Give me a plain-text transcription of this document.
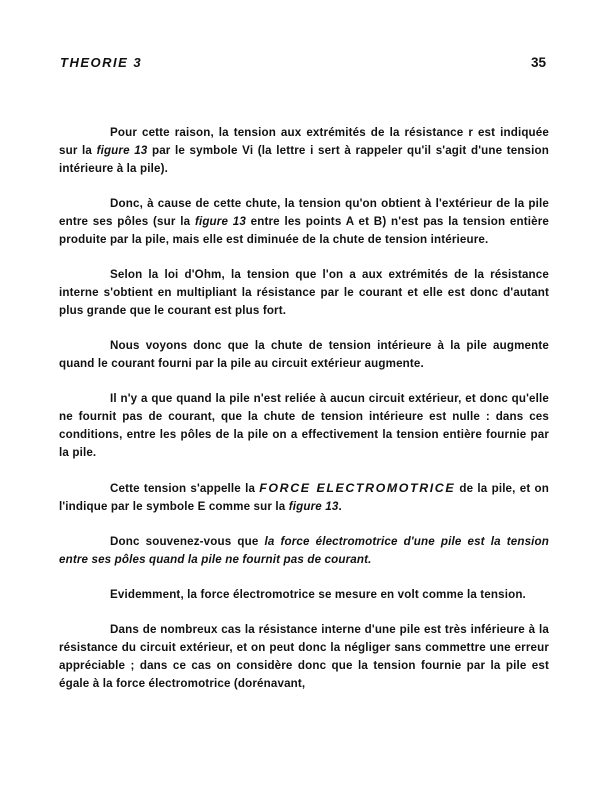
THEORIE 3	35

Pour cette raison, la tension aux extrémités de la résistance r est indiquée sur la figure 13 par le symbole Vi (la lettre i sert à rappeler qu'il s'agit d'une tension intérieure à la pile).

Donc, à cause de cette chute, la tension qu'on obtient à l'extérieur de la pile entre ses pôles (sur la figure 13 entre les points A et B) n'est pas la tension entière produite par la pile, mais elle est diminuée de la chute de tension intérieure.

Selon la loi d'Ohm, la tension que l'on a aux extrémités de la résistance interne s'obtient en multipliant la résistance par le courant et elle est donc d'autant plus grande que le courant est plus fort.

Nous voyons donc que la chute de tension intérieure à la pile augmente quand le courant fourni par la pile au circuit extérieur augmente.

Il n'y a que quand la pile n'est reliée à aucun circuit extérieur, et donc qu'elle ne fournit pas de courant, que la chute de tension intérieure est nulle : dans ces conditions, entre les pôles de la pile on a effectivement la tension entière fournie par la pile.

Cette tension s'appelle la FORCE ELECTROMOTRICE de la pile, et on l'indique par le symbole E comme sur la figure 13.

Donc souvenez-vous que la force électromotrice d'une pile est la tension entre ses pôles quand la pile ne fournit pas de courant.

Evidemment, la force électromotrice se mesure en volt comme la tension.

Dans de nombreux cas la résistance interne d'une pile est très inférieure à la résistance du circuit extérieur, et on peut donc la négliger sans commettre une erreur appréciable ; dans ce cas on considère donc que la tension fournie par la pile est égale à la force électromotrice (dorénavant,
